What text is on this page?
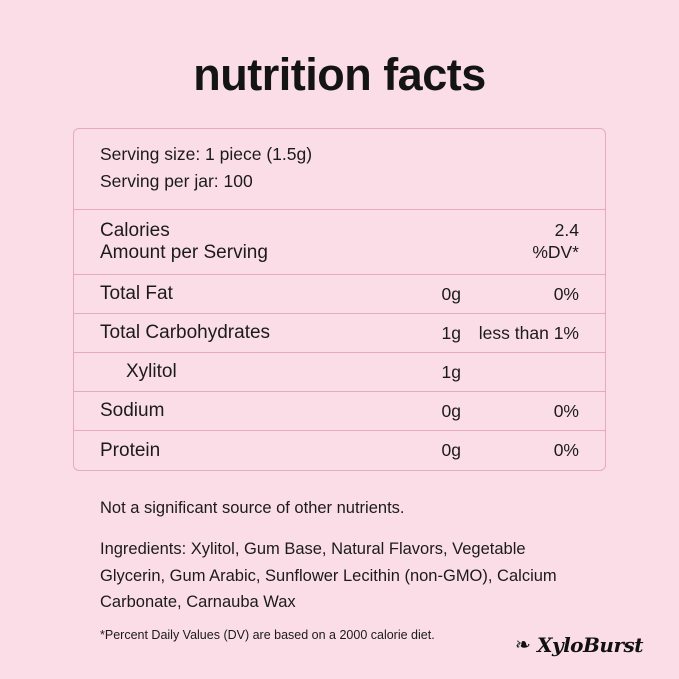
nutrition facts
Serving size: 1 piece (1.5g)
Serving per jar: 100
Calories	2.4
Amount per Serving	%DV*
Total Fat	0g	0%
Total Carbohydrates	1g	less than 1%
Xylitol	1g
Sodium	0g	0%
Protein	0g	0%
Not a significant source of other nutrients.
Ingredients: Xylitol, Gum Base, Natural Flavors, Vegetable Glycerin, Gum Arabic, Sunflower Lecithin (non-GMO), Calcium Carbonate, Carnauba Wax
*Percent Daily Values (DV) are based on a 2000 calorie diet.	❧ XyloBurst
